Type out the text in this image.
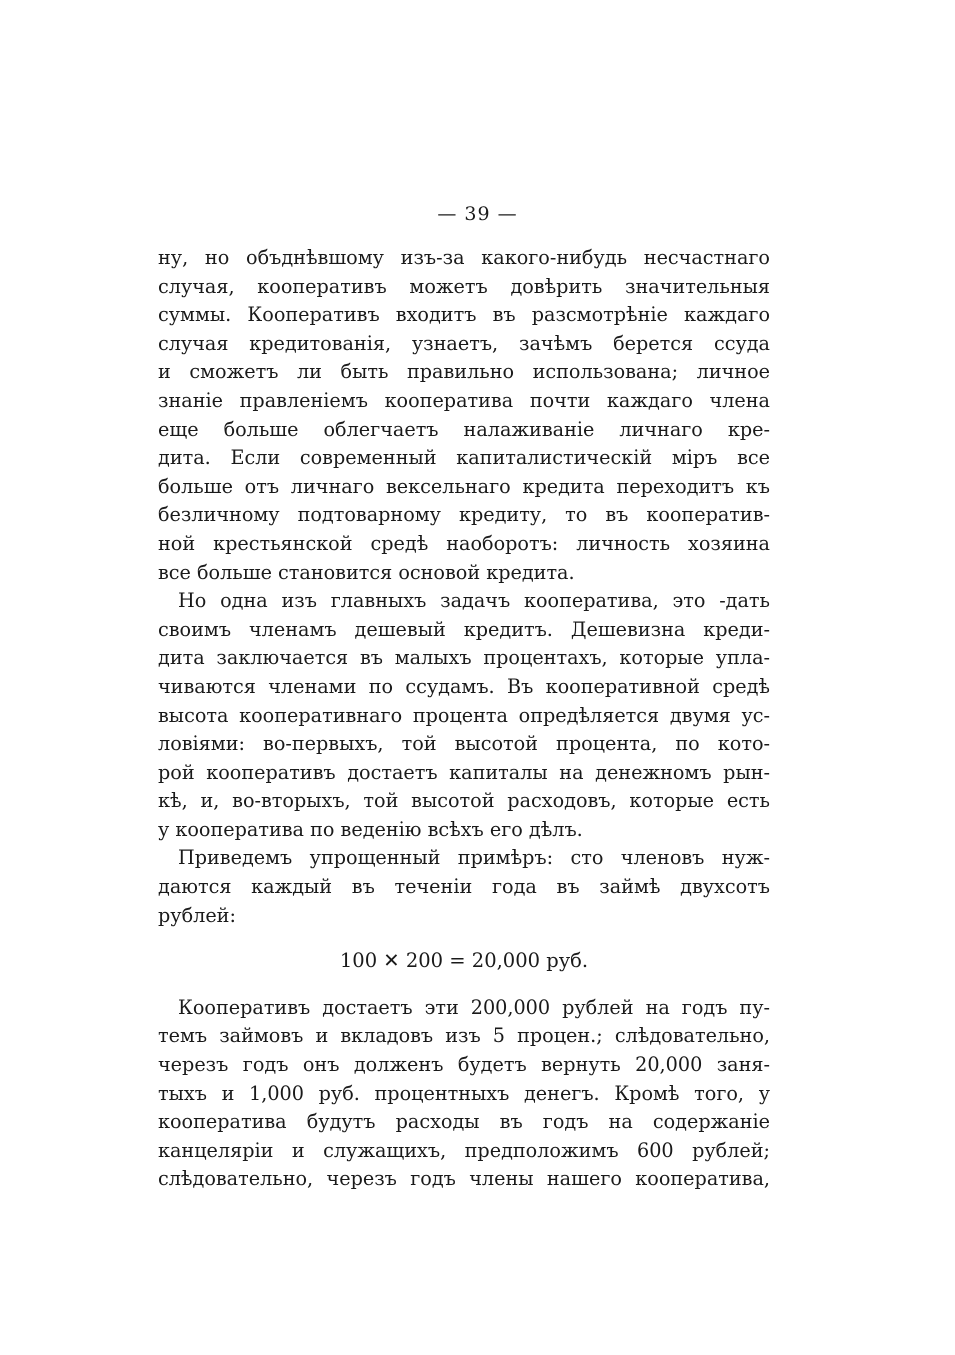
— 39 —
ну, но объднѣвшому изъ-за какого-нибудь несчастнаго
случая, кооперативъ можетъ довѣрить значительныя
суммы. Кооперативъ входитъ въ разсмотрѣніе каждаго
случая кредитованія, узнаетъ, зачѣмъ берется ссуда
и сможетъ ли быть правильно использована; личное
знаніе правленіемъ кооператива почти каждаго члена
еще больше облегчаетъ налаживаніе личнаго кре-
дита. Если современный капиталистическій міръ все
больше отъ личнаго вексельнаго кредита переходитъ къ
безличному подтоварному кредиту, то въ кооператив-
ной крестьянской средѣ наоборотъ: личность хозяина
все больше становится основой кредита.
Но одна изъ главныхъ задачъ кооператива, это -дать
своимъ членамъ дешевый кредитъ. Дешевизна креди-
дита заключается въ малыхъ процентахъ, которые упла-
чиваются членами по ссудамъ. Въ кооперативной средѣ
высота кооперативнаго процента опредѣляется двумя ус-
ловіями: во-первыхъ, той высотой процента, по кото-
рой кооперативъ достаетъ капиталы на денежномъ рын-
кѣ, и, во-вторыхъ, той высотой расходовъ, которые есть
у кооператива по веденію всѣхъ его дѣлъ.
Приведемъ упрощенный примѣръ: сто членовъ нуж-
даются каждый въ теченіи года въ займѣ двухсотъ
рублей:
100 ✕ 200 = 20,000 руб.
Кооперативъ достаетъ эти 200,000 рублей на годъ пу-
темъ займовъ и вкладовъ изъ 5 процен.; слѣдовательно,
черезъ годъ онъ долженъ будетъ вернуть 20,000 заня-
тыхъ и 1,000 руб. процентныхъ денегъ. Кромѣ того, у
кооператива будутъ расходы въ годъ на содержаніе
канцеляріи и служащихъ, предположимъ 600 рублей;
слѣдовательно, черезъ годъ члены нашего кооператива,
